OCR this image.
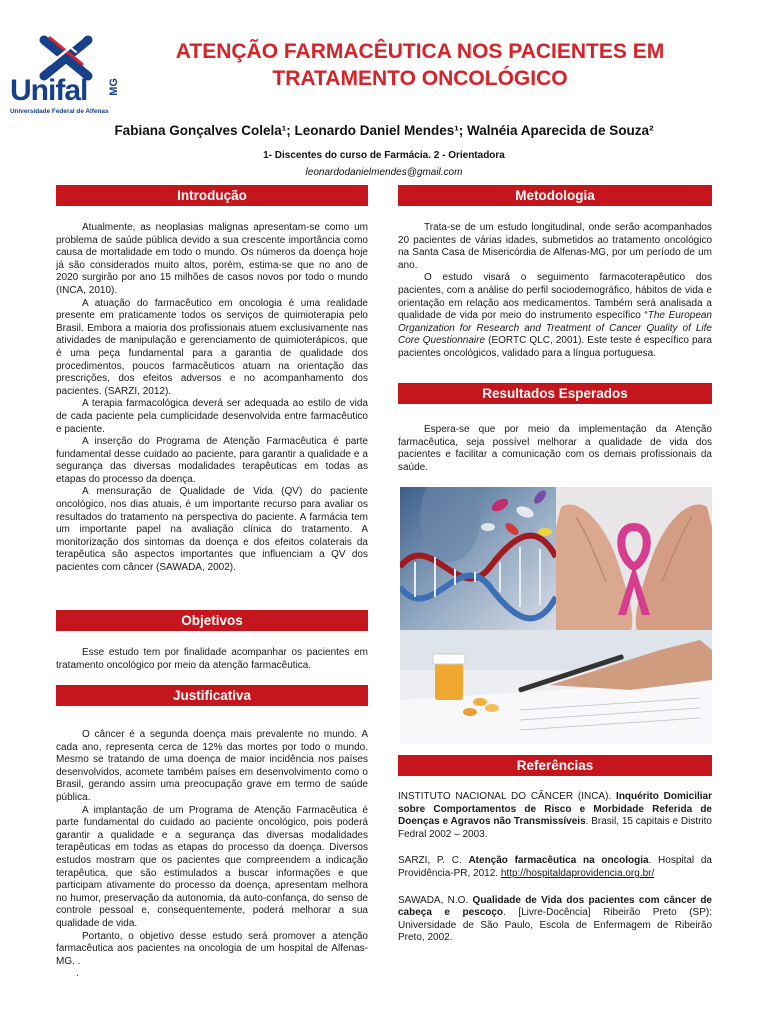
Unifal MG
Universidade Federal de Alfenas
ATENÇÃO FARMACÊUTICA NOS PACIENTES EM
TRATAMENTO ONCOLÓGICO
Fabiana Gonçalves Colela¹; Leonardo Daniel Mendes¹; Walnéia Aparecida de Souza²
1- Discentes do curso de Farmácia. 2 - Orientadora
leonardodanielmendes@gmail.com
Introdução

Atualmente, as neoplasias malignas apresentam-se como um problema de saúde pública devido a sua crescente importância como causa de mortalidade em todo o mundo. Os números da doença hoje já são considerados muito altos, porém, estima-se que no ano de 2020 surgirão por ano 15 milhões de casos novos por todo o mundo (INCA, 2010).

A atuação do farmacêutico em oncologia é uma realidade presente em praticamente todos os serviços de quimioterapia pelo Brasil. Embora a maioria dos profissionais atuem exclusivamente nas atividades de manipulação e gerenciamento de quimioterápicos, que é uma peça fundamental para a garantia de qualidade dos procedimentos, poucos farmacêuticos atuam na orientação das prescrições, dos efeitos adversos e no acompanhamento dos pacientes. (SARZI, 2012).

A terapia farmacológica deverá ser adequada ao estilo de vida de cada paciente pela cumplicidade desenvolvida entre farmacêutico e paciente.

A inserção do Programa de Atenção Farmacêutica é parte fundamental desse cuidado ao paciente, para garantir a qualidade e a segurança das diversas modalidades terapêuticas em todas as etapas do processo da doença.

A mensuração de Qualidade de Vida (QV) do paciente oncológico, nos dias atuais, é um importante recurso para avaliar os resultados do tratamento na perspectiva do paciente. A farmácia tem um importante papel na avaliação clínica do tratamento. A monitorização dos sintomas da doença e dos efeitos colaterais da terapêutica são aspectos importantes que influenciam a QV dos pacientes com câncer (SAWADA, 2002).

Objetivos

Esse estudo tem por finalidade acompanhar os pacientes em tratamento oncológico por meio da atenção farmacêutica.

Justificativa

O câncer é a segunda doença mais prevalente no mundo. A cada ano, representa cerca de 12% das mortes por todo o mundo. Mesmo se tratando de uma doença de maior incidência nos países desenvolvidos, acomete também países em desenvolvimento como o Brasil, gerando assim uma preocupação grave em termo de saúde pública.

A implantação de um Programa de Atenção Farmacêutica é parte fundamental do cuidado ao paciente oncológico, pois poderá garantir a qualidade e a segurança das diversas modalidades terapêuticas em todas as etapas do processo da doença. Diversos estudos mostram que os pacientes que compreendem a indicação terapêutica, que são estimulados a buscar informações e que participam ativamente do processo da doença, apresentam melhora no humor, preservação da autonomia, da auto-confança, do senso de controle pessoal e, consequentemente, poderá melhorar a sua qualidade de vida.

Portanto, o objetivo desse estudo será promover a atenção farmacêutica aos pacientes na oncologia de um hospital de Alfenas-MG. .

.

Metodologia

Trata-se de um estudo longitudinal, onde serão acompanhados 20 pacientes de várias idades, submetidos ao tratamento oncológico na Santa Casa de Misericórdia de Alfenas-MG, por um período de um ano.

O estudo visará o seguimento farmacoterapêutico dos pacientes, com a análise do perfil sociodemográfico, hábitos de vida e orientação em relação aos medicamentos. Também será analisada a qualidade de vida por meio do instrumento específico “The European Organization for Research and Treatment of Cancer Quality of Life Core Questionnaire (EORTC QLC, 2001). Este teste é específico para pacientes oncológicos, validado para a língua portuguesa.

Resultados Esperados

Espera-se que por meio da implementação da Atenção farmacêutica, seja possível melhorar a qualidade de vida dos pacientes e facilitar a comunicação com os demais profissionais da saúde.

Referências

INSTITUTO NACIONAL DO CÂNCER (INCA). Inquérito Domiciliar sobre Comportamentos de Risco e Morbidade Referida de Doenças e Agravos não Transmissíveis. Brasil, 15 capitais e Distrito Fedral 2002 – 2003.

SARZI, P. C. Atenção farmacêutica na oncologia. Hospital da Providência-PR, 2012. http://hospitaldaprovidencia.org.br/

SAWADA, N.O. Qualidade de Vida dos pacientes com câncer de cabeça e pescoço. [Livre-Docência] Ribeirão Preto (SP): Universidade de São Paulo, Escola de Enfermagem de Ribeirão Preto, 2002.
